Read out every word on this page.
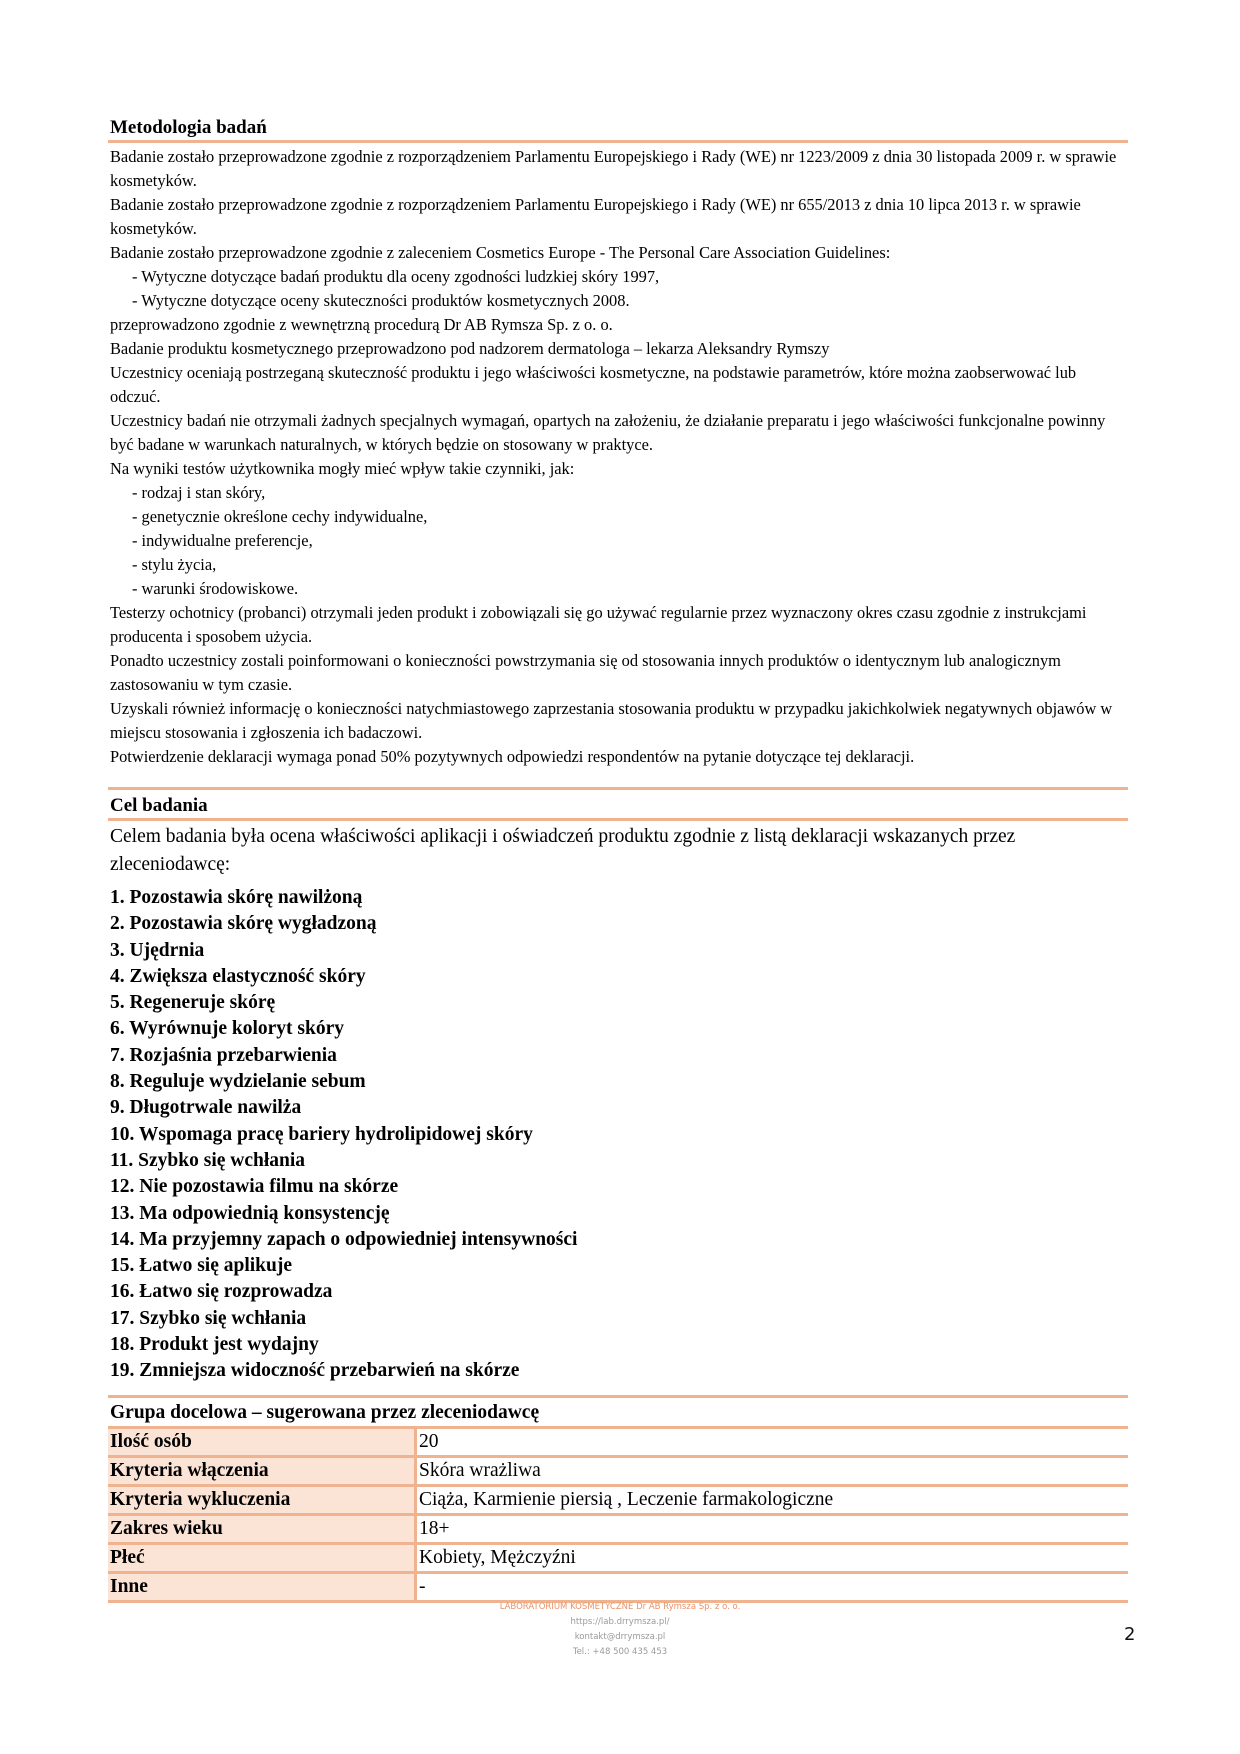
Metodologia badań

Badanie zostało przeprowadzone zgodnie z rozporządzeniem Parlamentu Europejskiego i Rady (WE) nr 1223/2009 z dnia 30 listopada 2009 r. w sprawie kosmetyków.

Badanie zostało przeprowadzone zgodnie z rozporządzeniem Parlamentu Europejskiego i Rady (WE) nr 655/2013 z dnia 10 lipca 2013 r. w sprawie kosmetyków.

Badanie zostało przeprowadzone zgodnie z zaleceniem Cosmetics Europe - The Personal Care Association Guidelines:

- Wytyczne dotyczące badań produktu dla oceny zgodności ludzkiej skóry 1997,

- Wytyczne dotyczące oceny skuteczności produktów kosmetycznych 2008.

przeprowadzono zgodnie z wewnętrzną procedurą Dr AB Rymsza Sp. z o. o.

Badanie produktu kosmetycznego przeprowadzono pod nadzorem dermatologa – lekarza Aleksandry Rymszy

Uczestnicy oceniają postrzeganą skuteczność produktu i jego właściwości kosmetyczne, na podstawie parametrów, które można zaobserwować lub odczuć.

Uczestnicy badań nie otrzymali żadnych specjalnych wymagań, opartych na założeniu, że działanie preparatu i jego właściwości funkcjonalne powinny być badane w warunkach naturalnych, w których będzie on stosowany w praktyce.

Na wyniki testów użytkownika mogły mieć wpływ takie czynniki, jak:

- rodzaj i stan skóry,

- genetycznie określone cechy indywidualne,

- indywidualne preferencje,

- stylu życia,

- warunki środowiskowe.

Testerzy ochotnicy (probanci) otrzymali jeden produkt i zobowiązali się go używać regularnie przez wyznaczony okres czasu zgodnie z instrukcjami producenta i sposobem użycia.

Ponadto uczestnicy zostali poinformowani o konieczności powstrzymania się od stosowania innych produktów o identycznym lub analogicznym zastosowaniu w tym czasie.

Uzyskali również informację o konieczności natychmiastowego zaprzestania stosowania produktu w przypadku jakichkolwiek negatywnych objawów w miejscu stosowania i zgłoszenia ich badaczowi.

Potwierdzenie deklaracji wymaga ponad 50% pozytywnych odpowiedzi respondentów na pytanie dotyczące tej deklaracji.

Cel badania
Celem badania była ocena właściwości aplikacji i oświadczeń produktu zgodnie z listą deklaracji wskazanych przez zleceniodawcę:
1. Pozostawia skórę nawilżoną
2. Pozostawia skórę wygładzoną
3. Ujędrnia
4. Zwiększa elastyczność skóry
5. Regeneruje skórę
6. Wyrównuje koloryt skóry
7. Rozjaśnia przebarwienia
8. Reguluje wydzielanie sebum
9. Długotrwale nawilża
10. Wspomaga pracę bariery hydrolipidowej skóry
11. Szybko się wchłania
12. Nie pozostawia filmu na skórze
13. Ma odpowiednią konsystencję
14. Ma przyjemny zapach o odpowiedniej intensywności
15. Łatwo się aplikuje
16. Łatwo się rozprowadza
17. Szybko się wchłania
18. Produkt jest wydajny
19. Zmniejsza widoczność przebarwień na skórze
Grupa docelowa – sugerowana przez zleceniodawcę
Ilość osób	20
Kryteria włączenia	Skóra wrażliwa
Kryteria wykluczenia	Ciąża, Karmienie piersią , Leczenie farmakologiczne
Zakres wieku	18+
Płeć	Kobiety, Mężczyźni
Inne	-
LABORATORIUM KOSMETYCZNE Dr AB Rymsza Sp. z o. o.
https://lab.drrymsza.pl/
kontakt@drrymsza.pl
Tel.: +48 500 435 453
2
